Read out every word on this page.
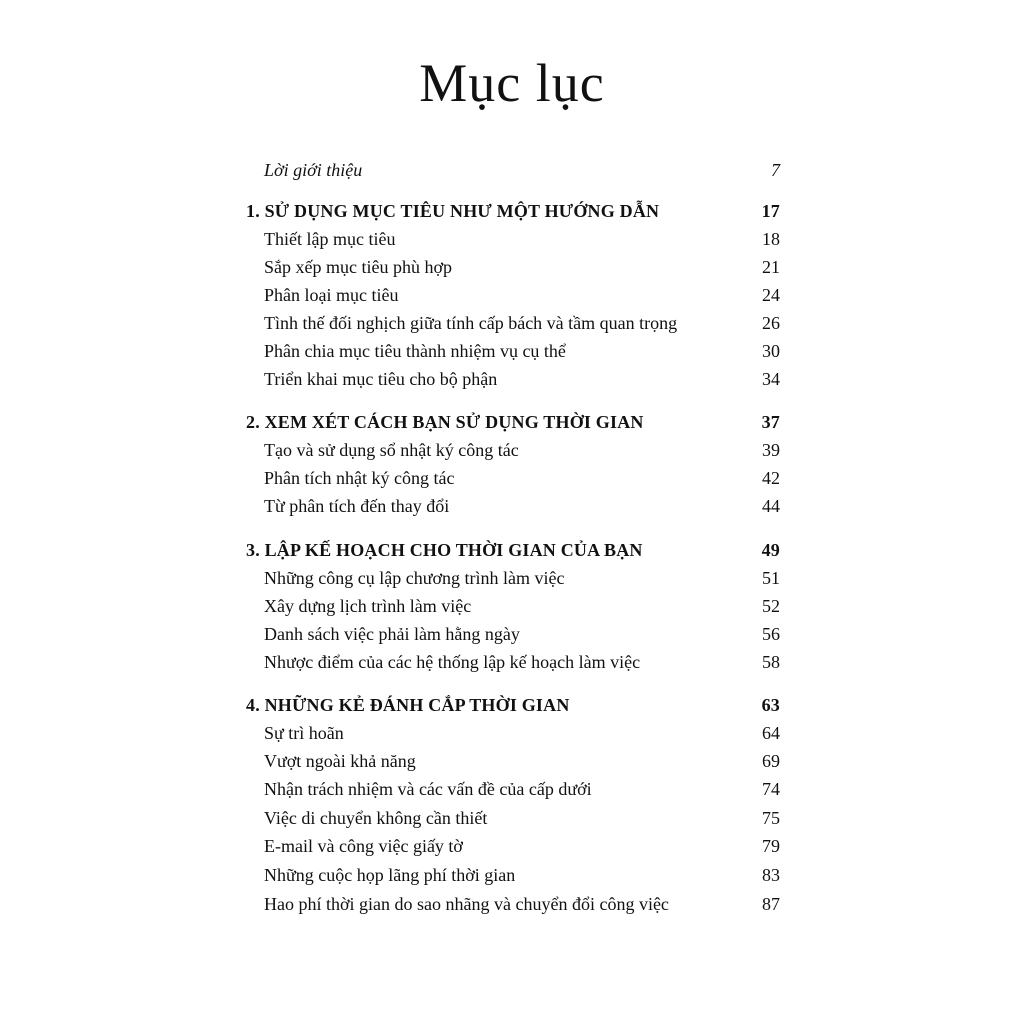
Mục lục
Lời giới thiệu	7
1. SỬ DỤNG MỤC TIÊU NHƯ MỘT HƯỚNG DẪN	17
Thiết lập mục tiêu	18
Sắp xếp mục tiêu phù hợp	21
Phân loại mục tiêu	24
Tình thế đối nghịch giữa tính cấp bách và tầm quan trọng	26
Phân chia mục tiêu thành nhiệm vụ cụ thể	30
Triển khai mục tiêu cho bộ phận	34
2. XEM XÉT CÁCH BẠN SỬ DỤNG THỜI GIAN	37
Tạo và sử dụng sổ nhật ký công tác	39
Phân tích nhật ký công tác	42
Từ phân tích đến thay đổi	44
3. LẬP KẾ HOẠCH CHO THỜI GIAN CỦA BẠN	49
Những công cụ lập chương trình làm việc	51
Xây dựng lịch trình làm việc	52
Danh sách việc phải làm hằng ngày	56
Nhược điểm của các hệ thống lập kế hoạch làm việc	58
4. NHỮNG KẺ ĐÁNH CẮP THỜI GIAN	63
Sự trì hoãn	64
Vượt ngoài khả năng	69
Nhận trách nhiệm và các vấn đề của cấp dưới	74
Việc di chuyển không cần thiết	75
E-mail và công việc giấy tờ	79
Những cuộc họp lãng phí thời gian	83
Hao phí thời gian do sao nhãng và chuyển đổi công việc	87
